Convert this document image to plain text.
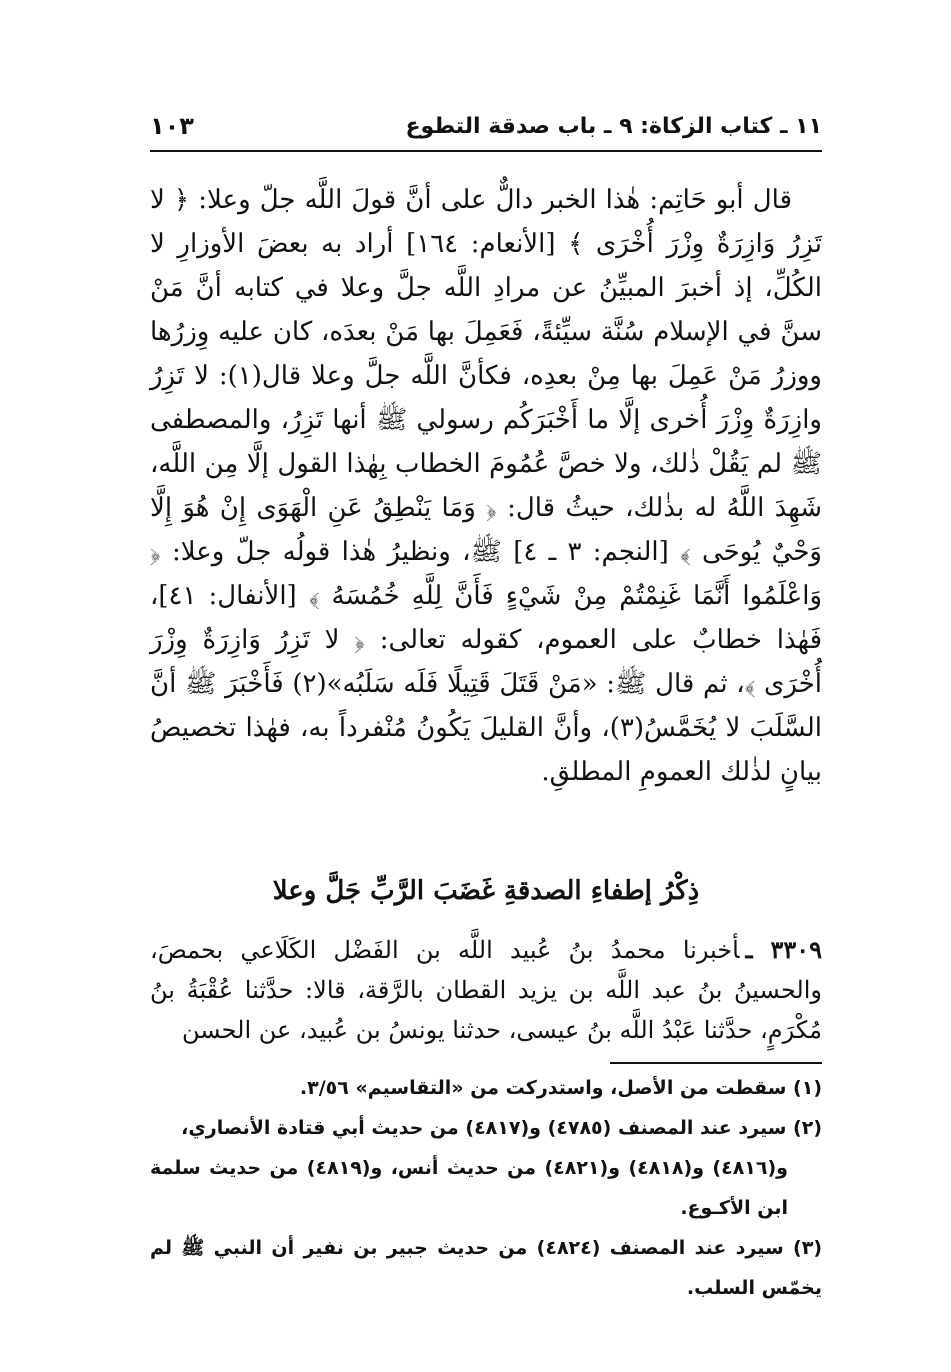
١١ ـ كتاب الزكاة: ٩ ـ باب صدقة التطوع
١٠٣

قال أبو حَاتِم: هٰذا الخبر دالٌّ على أنَّ قولَ اللَّه جلّ وعلا: ﴿ لا تَزِرُ وَازِرَةٌ وِزْرَ أُخْرَى ﴾ [الأنعام: ١٦٤] أراد به بعضَ الأوزارِ لا الكُلِّ، إذ أخبرَ المبيِّنُ عن مرادِ اللَّه جلَّ وعلا في كتابه أنَّ مَنْ سنَّ في الإسلام سُنَّة سيِّئةً، فَعَمِلَ بها مَنْ بعدَه، كان عليه وِزرُها ووزرُ مَنْ عَمِلَ بها مِنْ بعدِه، فكأنَّ اللَّه جلَّ وعلا قال(١): لا تَزِرُ وازِرَةٌ وِزْرَ أُخرى إلَّا ما أَخْبَرَكُم رسولي ﷺ أنها تَزِرُ، والمصطفى ﷺ لم يَقُلْ ذٰلك، ولا خصَّ عُمُومَ الخطاب بِهٰذا القول إلَّا مِن اللَّه، شَهِدَ اللَّهُ له بذٰلك، حيثُ قال: ﴿ وَمَا يَنْطِقُ عَنِ الْهَوَى إِنْ هُوَ إِلَّا وَحْيٌ يُوحَى ﴾ [النجم: ٣ ـ ٤] ﷺ، ونظيرُ هٰذا قولُه جلّ وعلا: ﴿ وَاعْلَمُوا أَنَّمَا غَنِمْتُمْ مِنْ شَيْءٍ فَأَنَّ لِلَّهِ خُمُسَهُ ﴾ [الأنفال: ٤١]، فَهٰذا خطابٌ على العموم، كقوله تعالى: ﴿ لا تَزِرُ وَازِرَةٌ وِزْرَ أُخْرَى ﴾، ثم قال ﷺ: «مَنْ قَتَلَ قَتِيلًا فَلَه سَلَبُه»(٢) فَأَخْبَرَ ﷺ أنَّ السَّلَبَ لا يُخَمَّسُ(٣)، وأنَّ القليلَ يَكُونُ مُنْفرداً به، فهٰذا تخصيصُ بيانٍ لذٰلك العمومِ المطلقِ.

ذِكْرُ إطفاءِ الصدقةِ غَضَبَ الرَّبِّ جَلَّ وعلا
٣٣٠٩ ـأخبرنا محمدُ بنُ عُبيد اللَّه بن الفَضْل الكَلَاعي بحمصَ، والحسينُ بنُ عبد اللَّه بن يزيد القطان بالرَّقة، قالا: حدَّثنا عُقْبَةُ بنُ مُكْرَمٍ، حدَّثنا عَبْدُ اللَّه بنُ عيسى، حدثنا يونسُ بن عُبيد، عن الحسن

(١) سقطت من الأصل، واستدركت من «التقاسيم» ٣/٥٦.

(٢) سيرد عند المصنف (٤٧٨٥) و(٤٨١٧) من حديث أبي قتادة الأنصاري،

و(٤٨١٦) و(٤٨١٨) و(٤٨٢١) من حديث أنس، و(٤٨١٩) من حديث سلمة ابن الأكـوع.

(٣) سيرد عند المصنف (٤٨٢٤) من حديث جبير بن نفير أن النبي ﷺ لم يخمّس السلب.
